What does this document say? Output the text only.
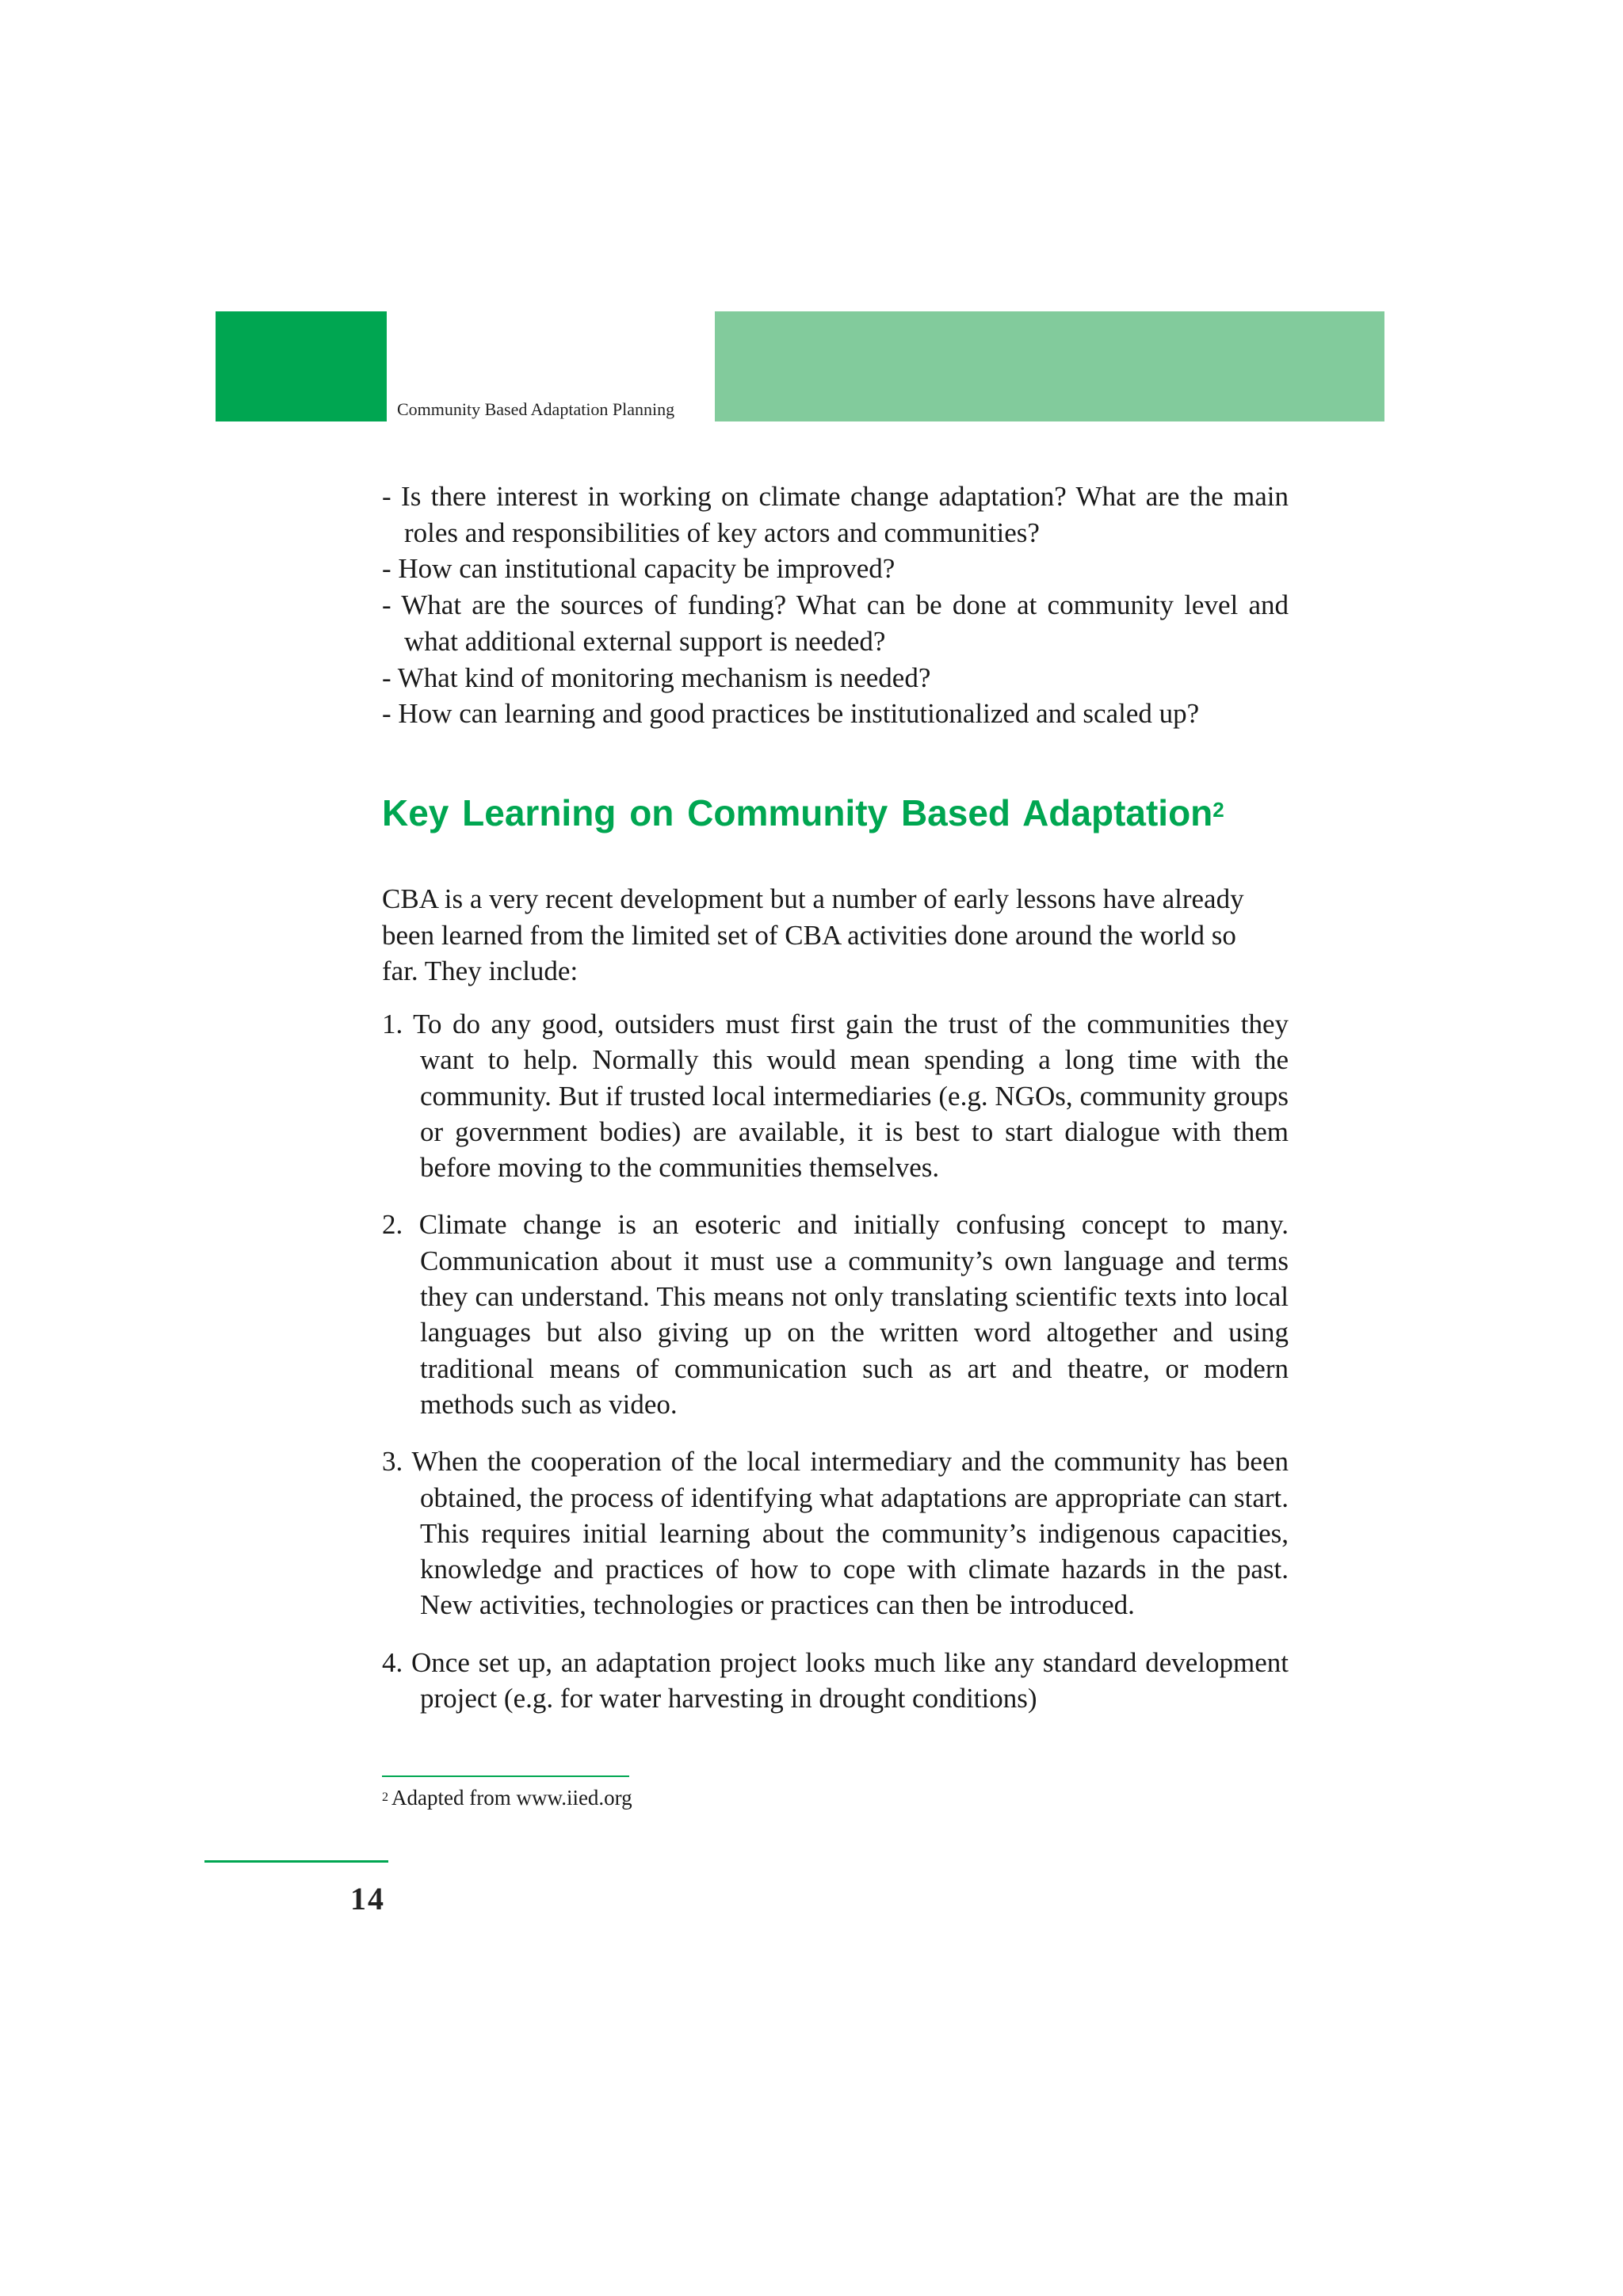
Community Based Adaptation Planning
- Is there interest in working on climate change adaptation? What are the main roles and responsibilities of key actors and communities?
- How can institutional capacity be improved?
- What are the sources of funding? What can be done at community level and what additional external support is needed?
- What kind of monitoring mechanism is needed?
- How can learning and good practices be institutionalized and scaled up?
Key Learning on Community Based Adaptation$^2$
CBA is a very recent development but a number of early lessons have already been learned from the limited set of CBA activities done around the world so far. They include:
1. To do any good, outsiders must first gain the trust of the communities they want to help. Normally this would mean spending a long time with the community. But if trusted local intermediaries (e.g. NGOs, community groups or government bodies) are available, it is best to start dialogue with them before moving to the communities themselves.
2. Climate change is an esoteric and initially confusing concept to many. Communication about it must use a community’s own language and terms they can understand. This means not only translating scientific texts into local languages but also giving up on the written word altogether and using traditional means of communication such as art and theatre, or modern methods such as video.
3. When the cooperation of the local intermediary and the community has been obtained, the process of identifying what adaptations are appropriate can start. This requires initial learning about the community’s indigenous capacities, knowledge and practices of how to cope with climate hazards in the past. New activities, technologies or practices can then be introduced.
4. Once set up, an adaptation project looks much like any standard development project (e.g. for water harvesting in drought conditions)
$^2$ Adapted from www.iied.org
14
